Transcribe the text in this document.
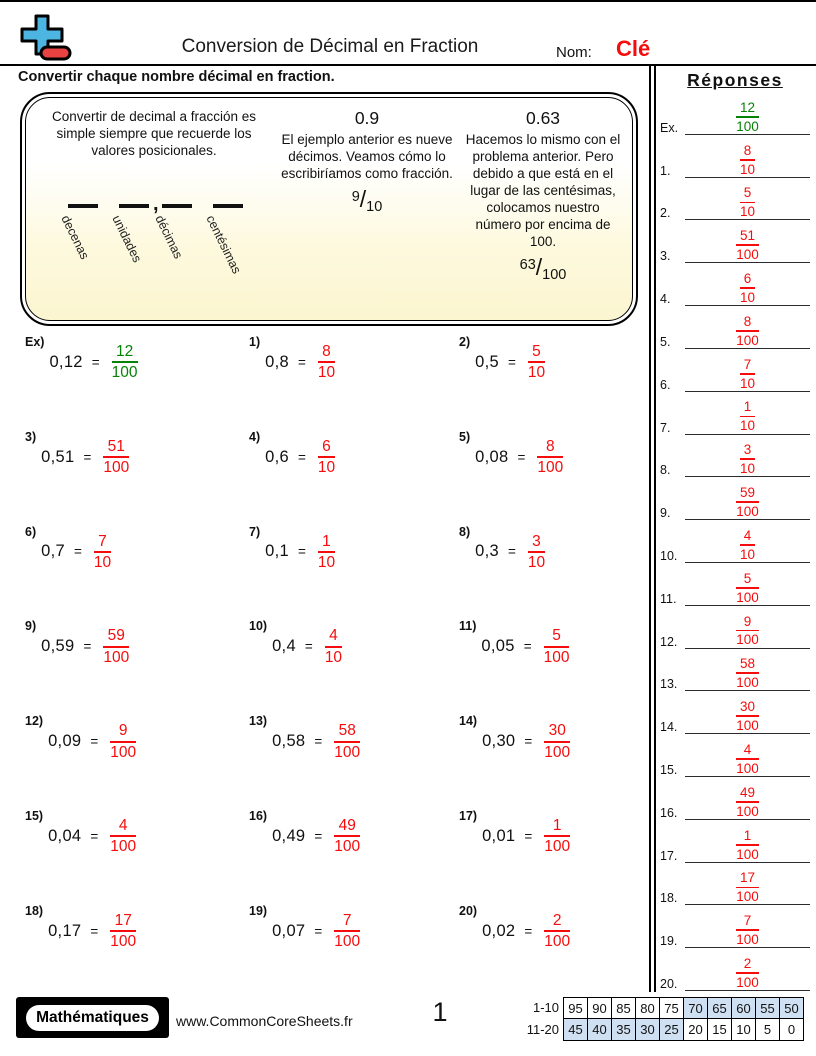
Conversion de Décimal en Fraction	Nom: Clé
Convertir chaque nombre décimal en fraction.	Réponses
Ex.	$\frac{12}{100}$
1.	$\frac{8}{10}$
2.	$\frac{5}{10}$
3.	$\frac{51}{100}$
4.	$\frac{6}{10}$
5.	$\frac{8}{100}$
6.	$\frac{7}{10}$
7.	$\frac{1}{10}$
8.	$\frac{3}{10}$
9.	$\frac{59}{100}$
10.	$\frac{4}{10}$
11.	$\frac{5}{100}$
12.	$\frac{9}{100}$
13.	$\frac{58}{100}$
14.	$\frac{30}{100}$
15.	$\frac{4}{100}$
16.	$\frac{49}{100}$
17.	$\frac{1}{100}$
18.	$\frac{17}{100}$
19.	$\frac{7}{100}$
20.	$\frac{2}{100}$
Convertir de decimal a fracción es simple siempre que recuerde los valores posicionales.
decenas unidades
,
décimas centésimas
0.9
El ejemplo anterior es nueve décimos. Veamos cómo lo escribiríamos como fracción.
9/10
0.63
Hacemos lo mismo con el problema anterior. Pero debido a que está en el lugar de las centésimas, colocamos nuestro número por encima de 100.
63/100
Ex)
$0,12 = \frac{12}{100}$
1)
$0,8 = \frac{8}{10}$
2)
$0,5 = \frac{5}{10}$
3)
$0,51 = \frac{51}{100}$
4)
$0,6 = \frac{6}{10}$
5)
$0,08 = \frac{8}{100}$
6)
$0,7 = \frac{7}{10}$
7)
$0,1 = \frac{1}{10}$
8)
$0,3 = \frac{3}{10}$
9)
$0,59 = \frac{59}{100}$
10)
$0,4 = \frac{4}{10}$
11)
$0,05 = \frac{5}{100}$
12)
$0,09 = \frac{9}{100}$
13)
$0,58 = \frac{58}{100}$
14)
$0,30 = \frac{30}{100}$
15)
$0,04 = \frac{4}{100}$
16)
$0,49 = \frac{49}{100}$
17)
$0,01 = \frac{1}{100}$
18)
$0,17 = \frac{17}{100}$
19)
$0,07 = \frac{7}{100}$
20)
$0,02 = \frac{2}{100}$
Mathématiques	www.CommonCoreSheets.fr	1	1-10 95 90 85 80 75 70 65 60 55 50
11-20 45 40 35 30 25 20 15 10	5	0
